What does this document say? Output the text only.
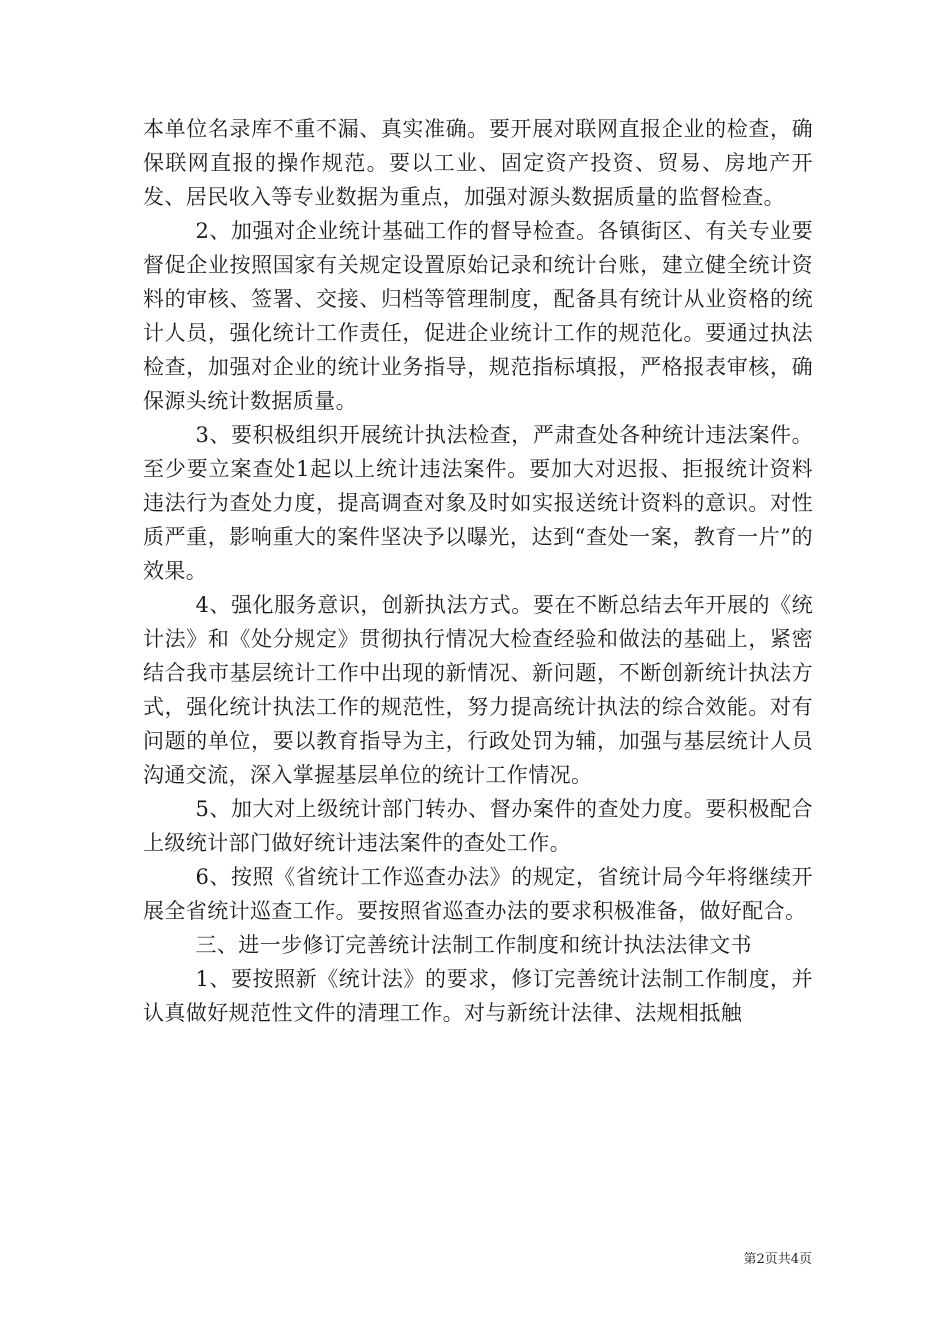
本单位名录库不重不漏、真实准确。要开展对联网直报企业的检查，确保联网直报的操作规范。要以工业、固定资产投资、贸易、房地产开发、居民收入等专业数据为重点，加强对源头数据质量的监督检查。

2、加强对企业统计基础工作的督导检查。各镇街区、有关专业要督促企业按照国家有关规定设置原始记录和统计台账，建立健全统计资料的审核、签署、交接、归档等管理制度，配备具有统计从业资格的统计人员，强化统计工作责任，促进企业统计工作的规范化。要通过执法检查，加强对企业的统计业务指导，规范指标填报，严格报表审核，确保源头统计数据质量。

3、要积极组织开展统计执法检查，严肃查处各种统计违法案件。至少要立案查处1起以上统计违法案件。要加大对迟报、拒报统计资料违法行为查处力度，提高调查对象及时如实报送统计资料的意识。对性质严重，影响重大的案件坚决予以曝光，达到“查处一案，教育一片”的效果。

4、强化服务意识，创新执法方式。要在不断总结去年开展的《统计法》和《处分规定》贯彻执行情况大检查经验和做法的基础上，紧密结合我市基层统计工作中出现的新情况、新问题，不断创新统计执法方式，强化统计执法工作的规范性，努力提高统计执法的综合效能。对有问题的单位，要以教育指导为主，行政处罚为辅，加强与基层统计人员沟通交流，深入掌握基层单位的统计工作情况。

5、加大对上级统计部门转办、督办案件的查处力度。要积极配合上级统计部门做好统计违法案件的查处工作。

6、按照《省统计工作巡查办法》的规定，省统计局今年将继续开展全省统计巡查工作。要按照省巡查办法的要求积极准备，做好配合。

三、进一步修订完善统计法制工作制度和统计执法法律文书

1、要按照新《统计法》的要求，修订完善统计法制工作制度，并认真做好规范性文件的清理工作。对与新统计法律、法规相抵触

第2页共4页
